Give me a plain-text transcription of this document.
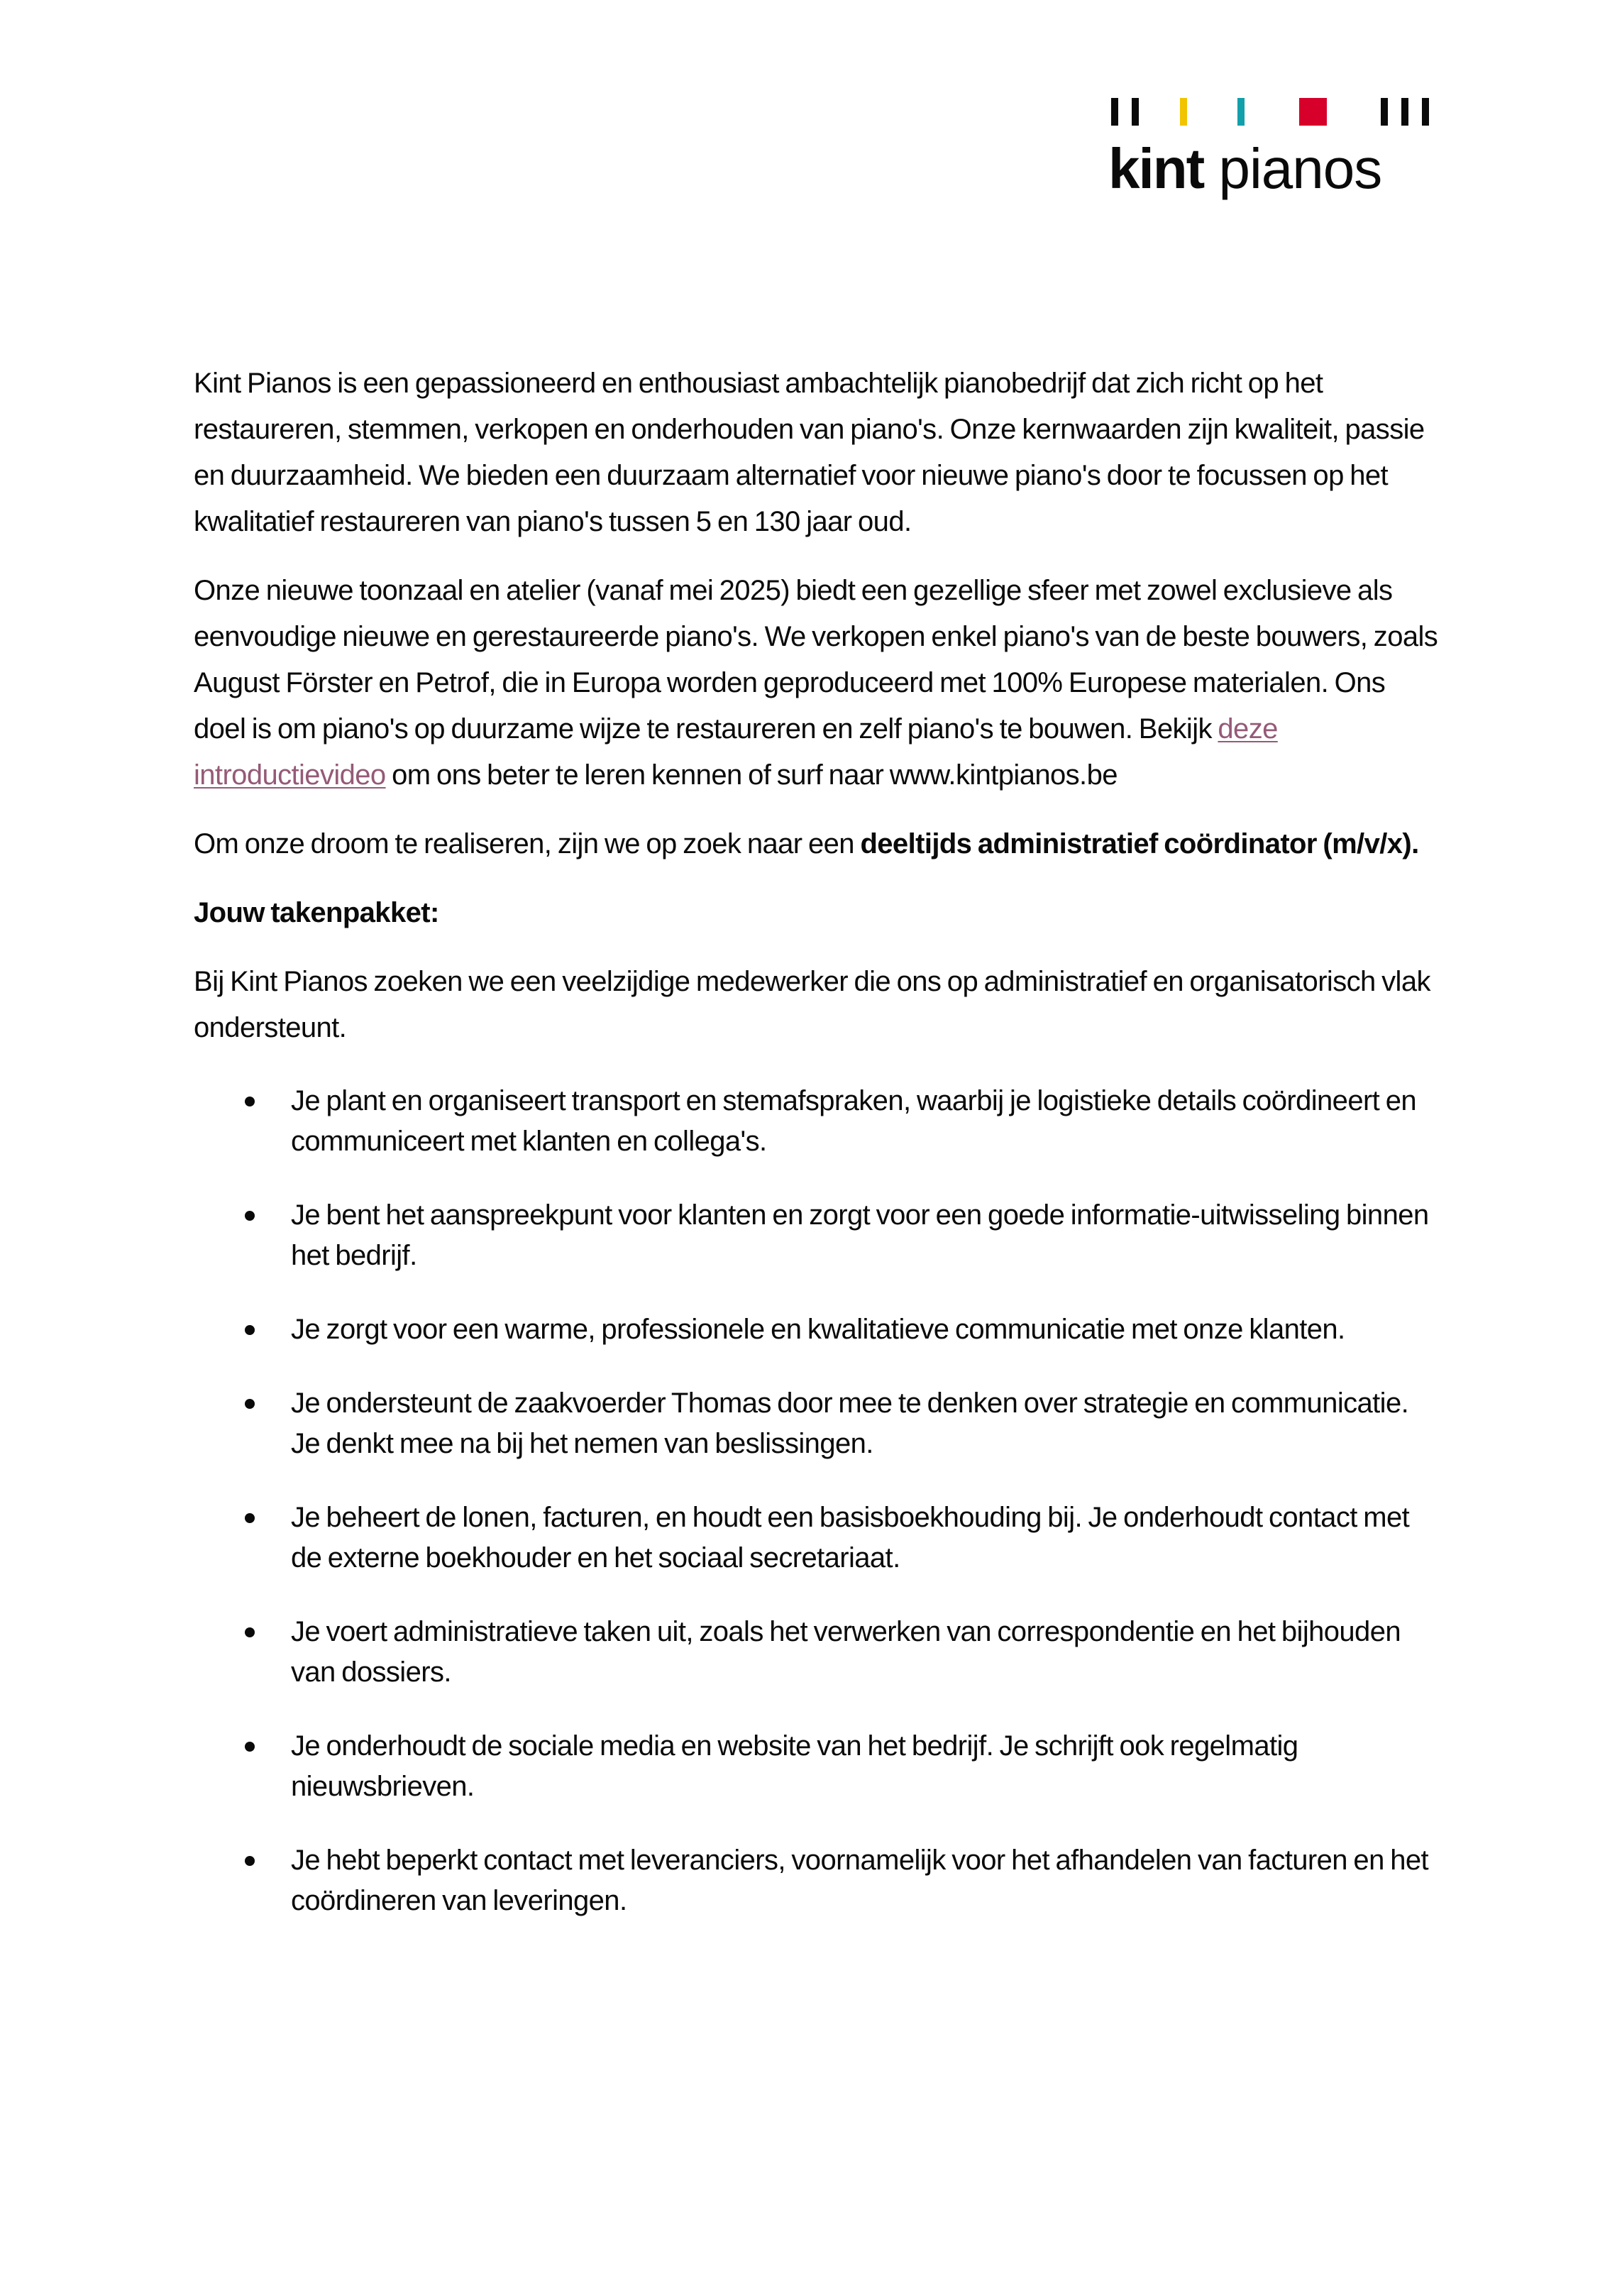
kint pianos

Kint Pianos is een gepassioneerd en enthousiast ambachtelijk pianobedrijf dat zich richt op het restaureren, stemmen, verkopen en onderhouden van piano's. Onze kernwaarden zijn kwaliteit, passie en duurzaamheid. We bieden een duurzaam alternatief voor nieuwe piano's door te focussen op het kwalitatief restaureren van piano's tussen 5 en 130 jaar oud.

Onze nieuwe toonzaal en atelier (vanaf mei 2025) biedt een gezellige sfeer met zowel exclusieve als eenvoudige nieuwe en gerestaureerde piano's. We verkopen enkel piano's van de beste bouwers, zoals August Förster en Petrof, die in Europa worden geproduceerd met 100% Europese materialen. Ons doel is om piano's op duurzame wijze te restaureren en zelf piano's te bouwen. Bekijk deze introductievideo om ons beter te leren kennen of surf naar www.kintpianos.be

Om onze droom te realiseren, zijn we op zoek naar een deeltijds administratief coördinator (m/v/x).

Jouw takenpakket:

Bij Kint Pianos zoeken we een veelzijdige medewerker die ons op administratief en organisatorisch vlak ondersteunt.

Je plant en organiseert transport en stemafspraken, waarbij je logistieke details coördineert en communiceert met klanten en collega's.
Je bent het aanspreekpunt voor klanten en zorgt voor een goede informatie-uitwisseling binnen het bedrijf.
Je zorgt voor een warme, professionele en kwalitatieve communicatie met onze klanten.
Je ondersteunt de zaakvoerder Thomas door mee te denken over strategie en communicatie. Je denkt mee na bij het nemen van beslissingen.
Je beheert de lonen, facturen, en houdt een basisboekhouding bij. Je onderhoudt contact met de externe boekhouder en het sociaal secretariaat.
Je voert administratieve taken uit, zoals het verwerken van correspondentie en het bijhouden van dossiers.
Je onderhoudt de sociale media en website van het bedrijf. Je schrijft ook regelmatig nieuwsbrieven.
Je hebt beperkt contact met leveranciers, voornamelijk voor het afhandelen van facturen en het coördineren van leveringen.
